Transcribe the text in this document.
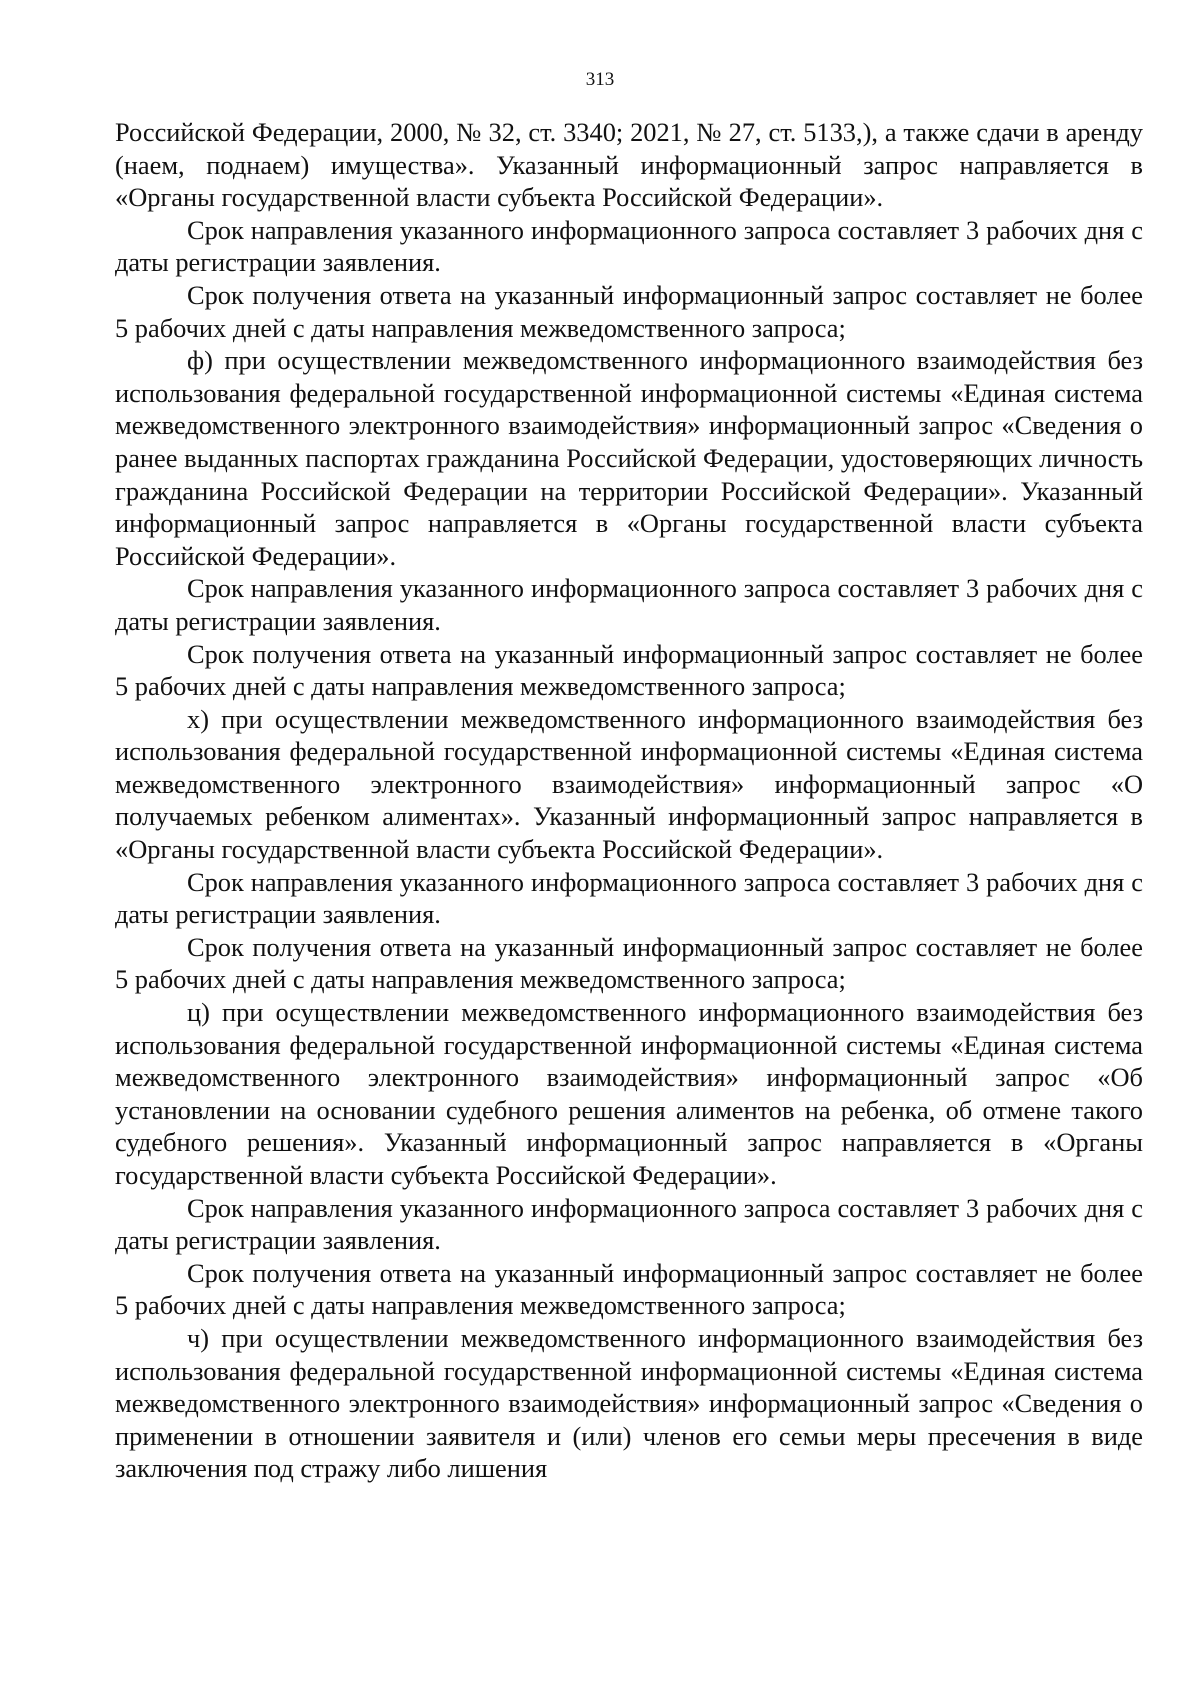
313

Российской Федерации, 2000, № 32, ст. 3340; 2021, № 27, ст. 5133,), а также сдачи в аренду (наем, поднаем) имущества». Указанный информационный запрос направляется в «Органы государственной власти субъекта Российской Федерации».

Срок направления указанного информационного запроса составляет 3 рабочих дня с даты регистрации заявления.

Срок получения ответа на указанный информационный запрос составляет не более 5 рабочих дней с даты направления межведомственного запроса;

ф) при осуществлении межведомственного информационного взаимодействия без использования федеральной государственной информационной системы «Единая система межведомственного электронного взаимодействия» информационный запрос «Сведения о ранее выданных паспортах гражданина Российской Федерации, удостоверяющих личность гражданина Российской Федерации на территории Российской Федерации». Указанный информационный запрос направляется в «Органы государственной власти субъекта Российской Федерации».

Срок направления указанного информационного запроса составляет 3 рабочих дня с даты регистрации заявления.

Срок получения ответа на указанный информационный запрос составляет не более 5 рабочих дней с даты направления межведомственного запроса;

х) при осуществлении межведомственного информационного взаимодействия без использования федеральной государственной информационной системы «Единая система межведомственного электронного взаимодействия» информационный запрос «О получаемых ребенком алиментах». Указанный информационный запрос направляется в «Органы государственной власти субъекта Российской Федерации».

Срок направления указанного информационного запроса составляет 3 рабочих дня с даты регистрации заявления.

Срок получения ответа на указанный информационный запрос составляет не более 5 рабочих дней с даты направления межведомственного запроса;

ц) при осуществлении межведомственного информационного взаимодействия без использования федеральной государственной информационной системы «Единая система межведомственного электронного взаимодействия» информационный запрос «Об установлении на основании судебного решения алиментов на ребенка, об отмене такого судебного решения». Указанный информационный запрос направляется в «Органы государственной власти субъекта Российской Федерации».

Срок направления указанного информационного запроса составляет 3 рабочих дня с даты регистрации заявления.

Срок получения ответа на указанный информационный запрос составляет не более 5 рабочих дней с даты направления межведомственного запроса;

ч) при осуществлении межведомственного информационного взаимодействия без использования федеральной государственной информационной системы «Единая система межведомственного электронного взаимодействия» информационный запрос «Сведения о применении в отношении заявителя и (или) членов его семьи меры пресечения в виде заключения под стражу либо лишения
